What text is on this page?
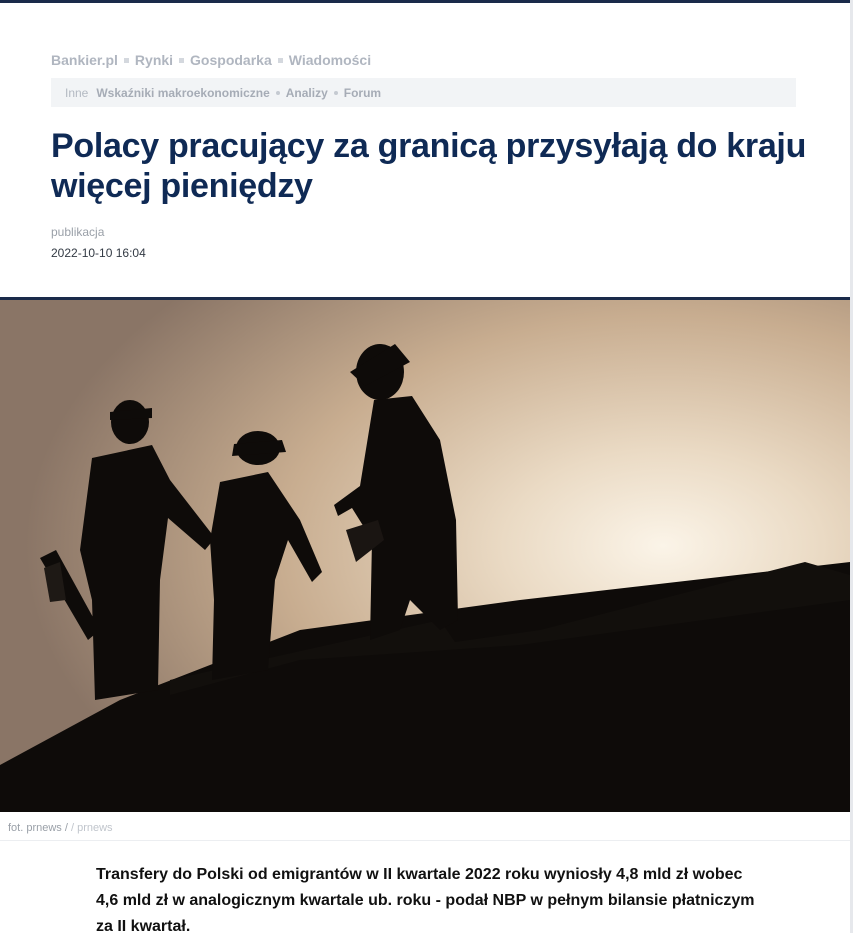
Bankier.pl Rynki Gospodarka Wiadomości
Inne Wskaźniki makroekonomiczne Analizy Forum
Polacy pracujący za granicą przysyłają do kraju więcej pieniędzy
publikacja
2022-10-10 16:04
fot. prnews / / prnews

Transfery do Polski od emigrantów w II kwartale 2022 roku wyniosły 4,8 mld zł wobec 4,6 mld zł w analogicznym kwartale ub. roku - podał NBP w pełnym bilansie płatniczym za II kwartał.
